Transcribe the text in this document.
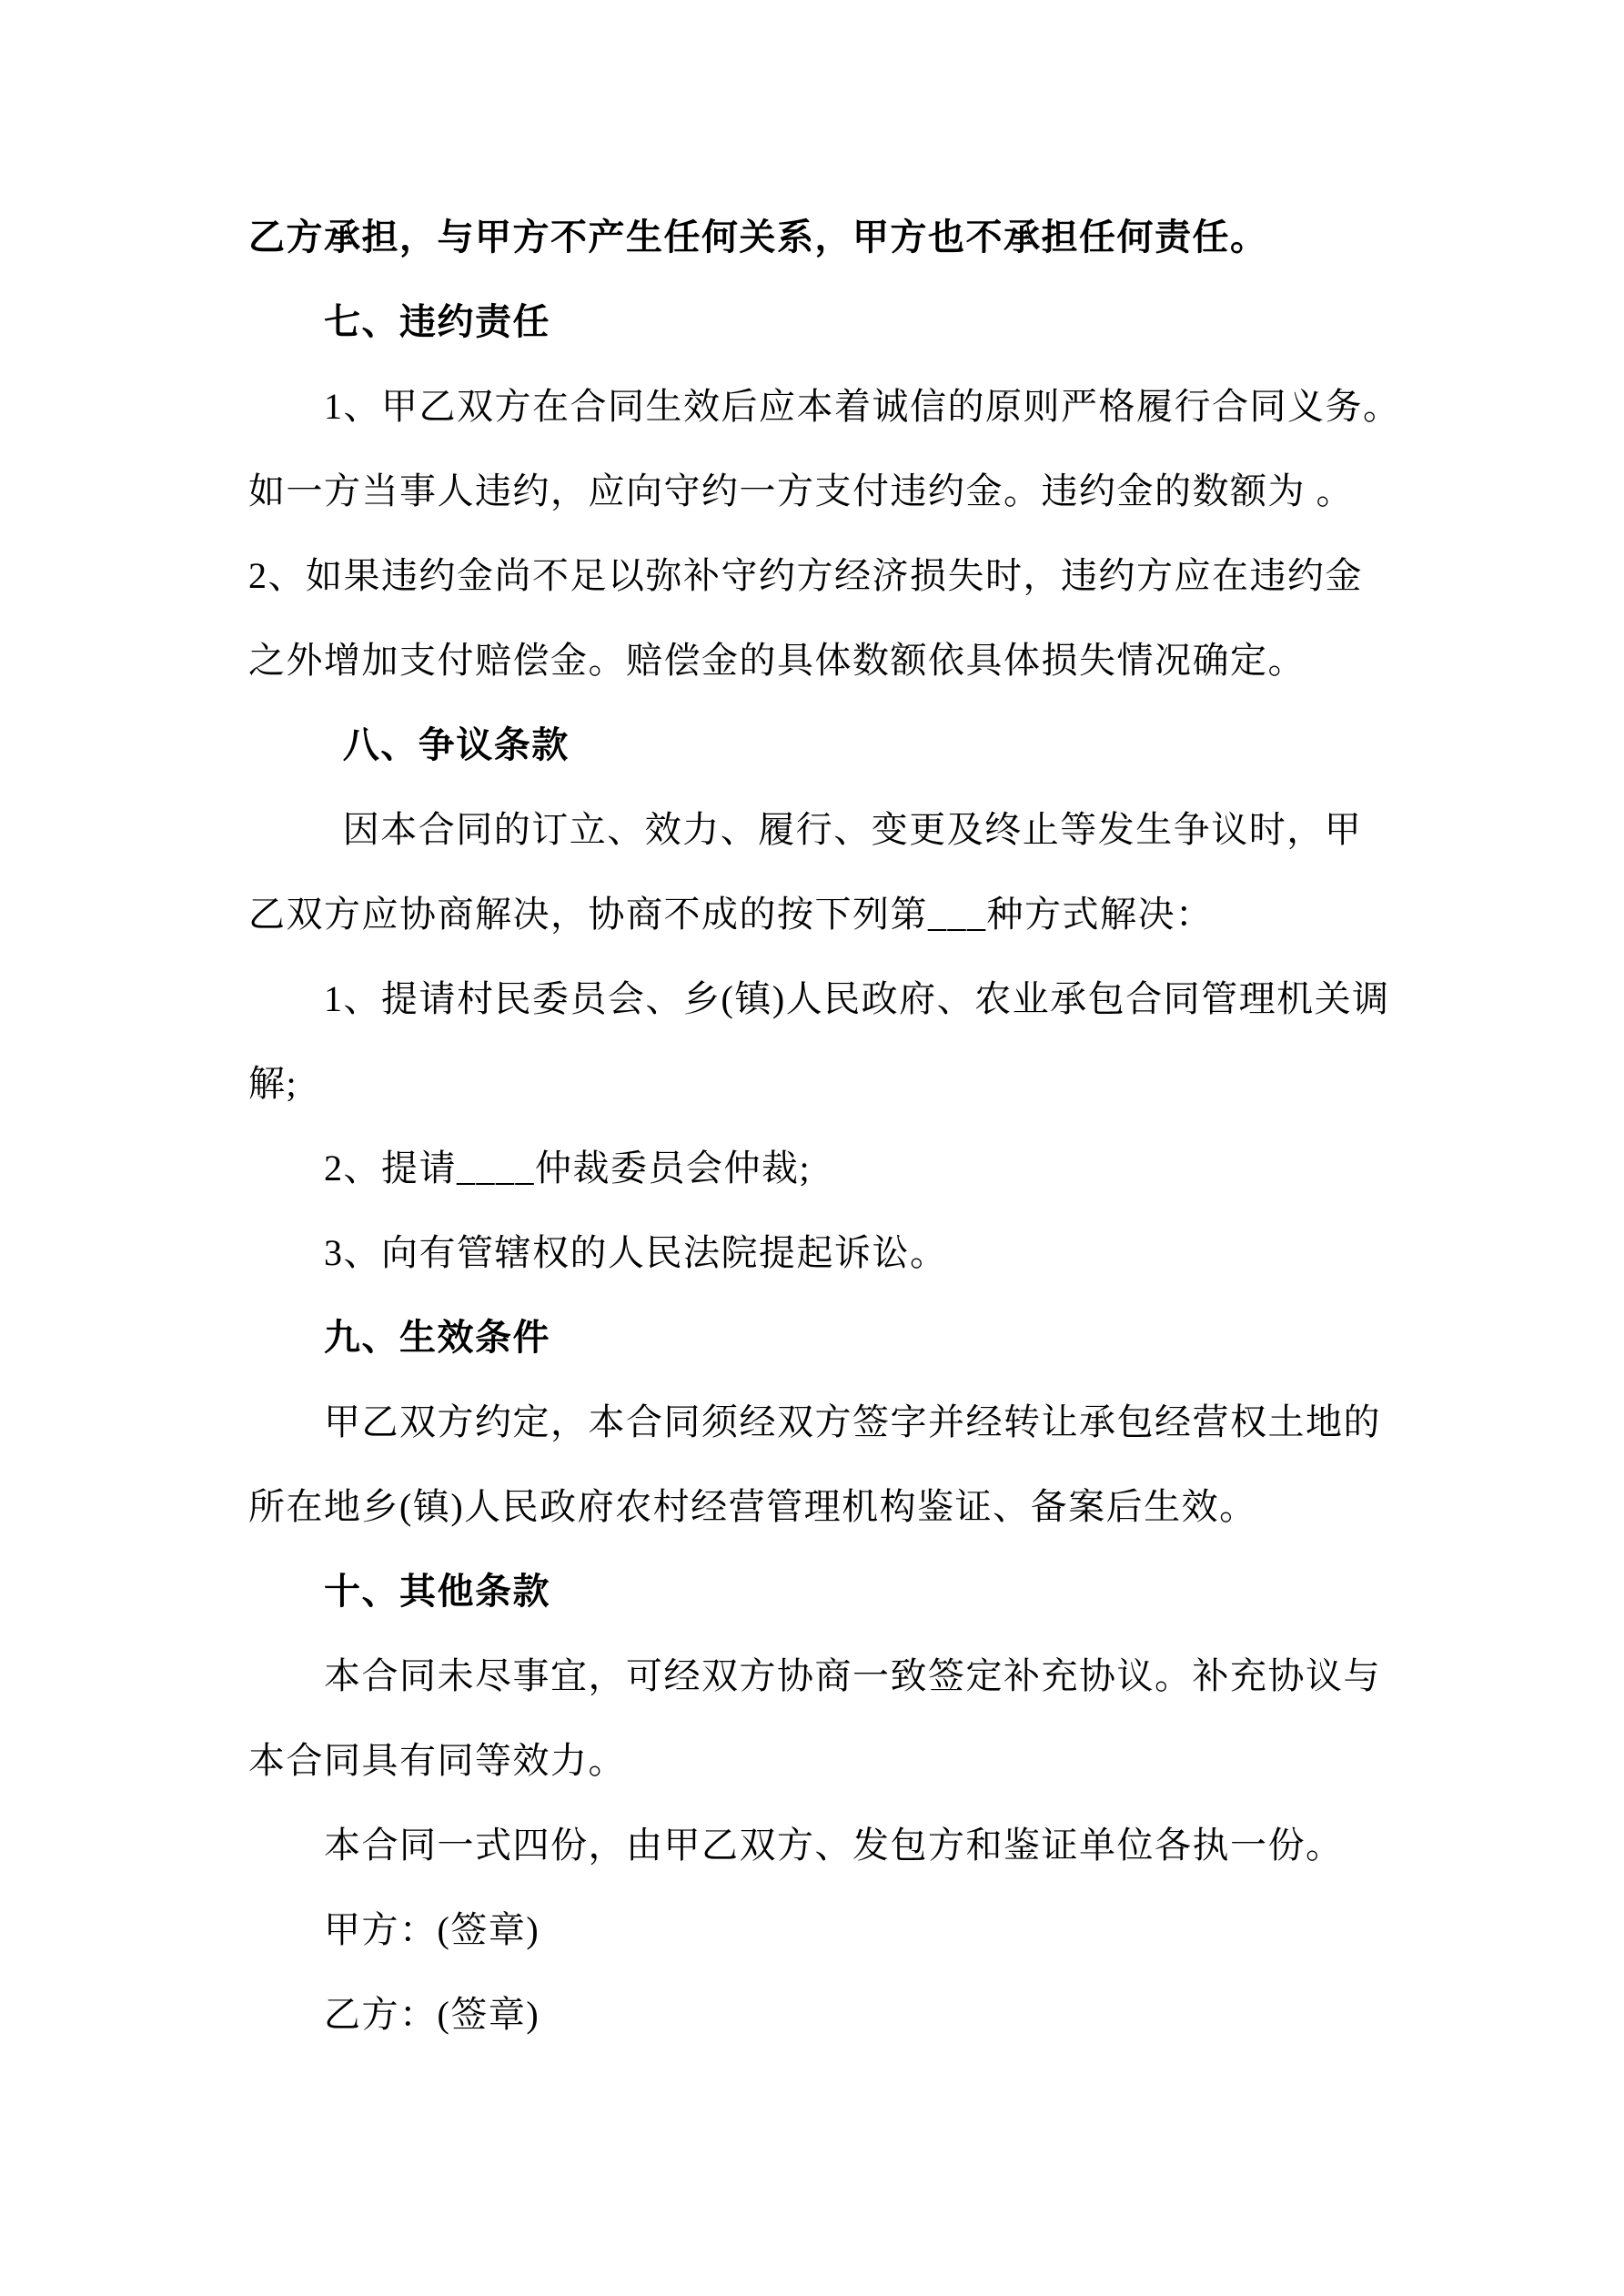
乙方承担，与甲方不产生任何关系，甲方也不承担任何责任。
七、违约责任
1、甲乙双方在合同生效后应本着诚信的原则严格履行合同义务。
如一方当事人违约，应向守约一方支付违约金。违约金的数额为 。
2、如果违约金尚不足以弥补守约方经济损失时，违约方应在违约金
之外增加支付赔偿金。赔偿金的具体数额依具体损失情况确定。
八、争议条款
因本合同的订立、效力、履行、变更及终止等发生争议时，甲
乙双方应协商解决，协商不成的按下列第___种方式解决：
1、提请村民委员会、乡(镇)人民政府、农业承包合同管理机关调
解;
2、提请____仲裁委员会仲裁;
3、向有管辖权的人民法院提起诉讼。
九、生效条件
甲乙双方约定，本合同须经双方签字并经转让承包经营权土地的
所在地乡(镇)人民政府农村经营管理机构鉴证、备案后生效。
十、其他条款
本合同未尽事宜，可经双方协商一致签定补充协议。补充协议与
本合同具有同等效力。
本合同一式四份，由甲乙双方、发包方和鉴证单位各执一份。
甲方：(签章)
乙方：(签章)
